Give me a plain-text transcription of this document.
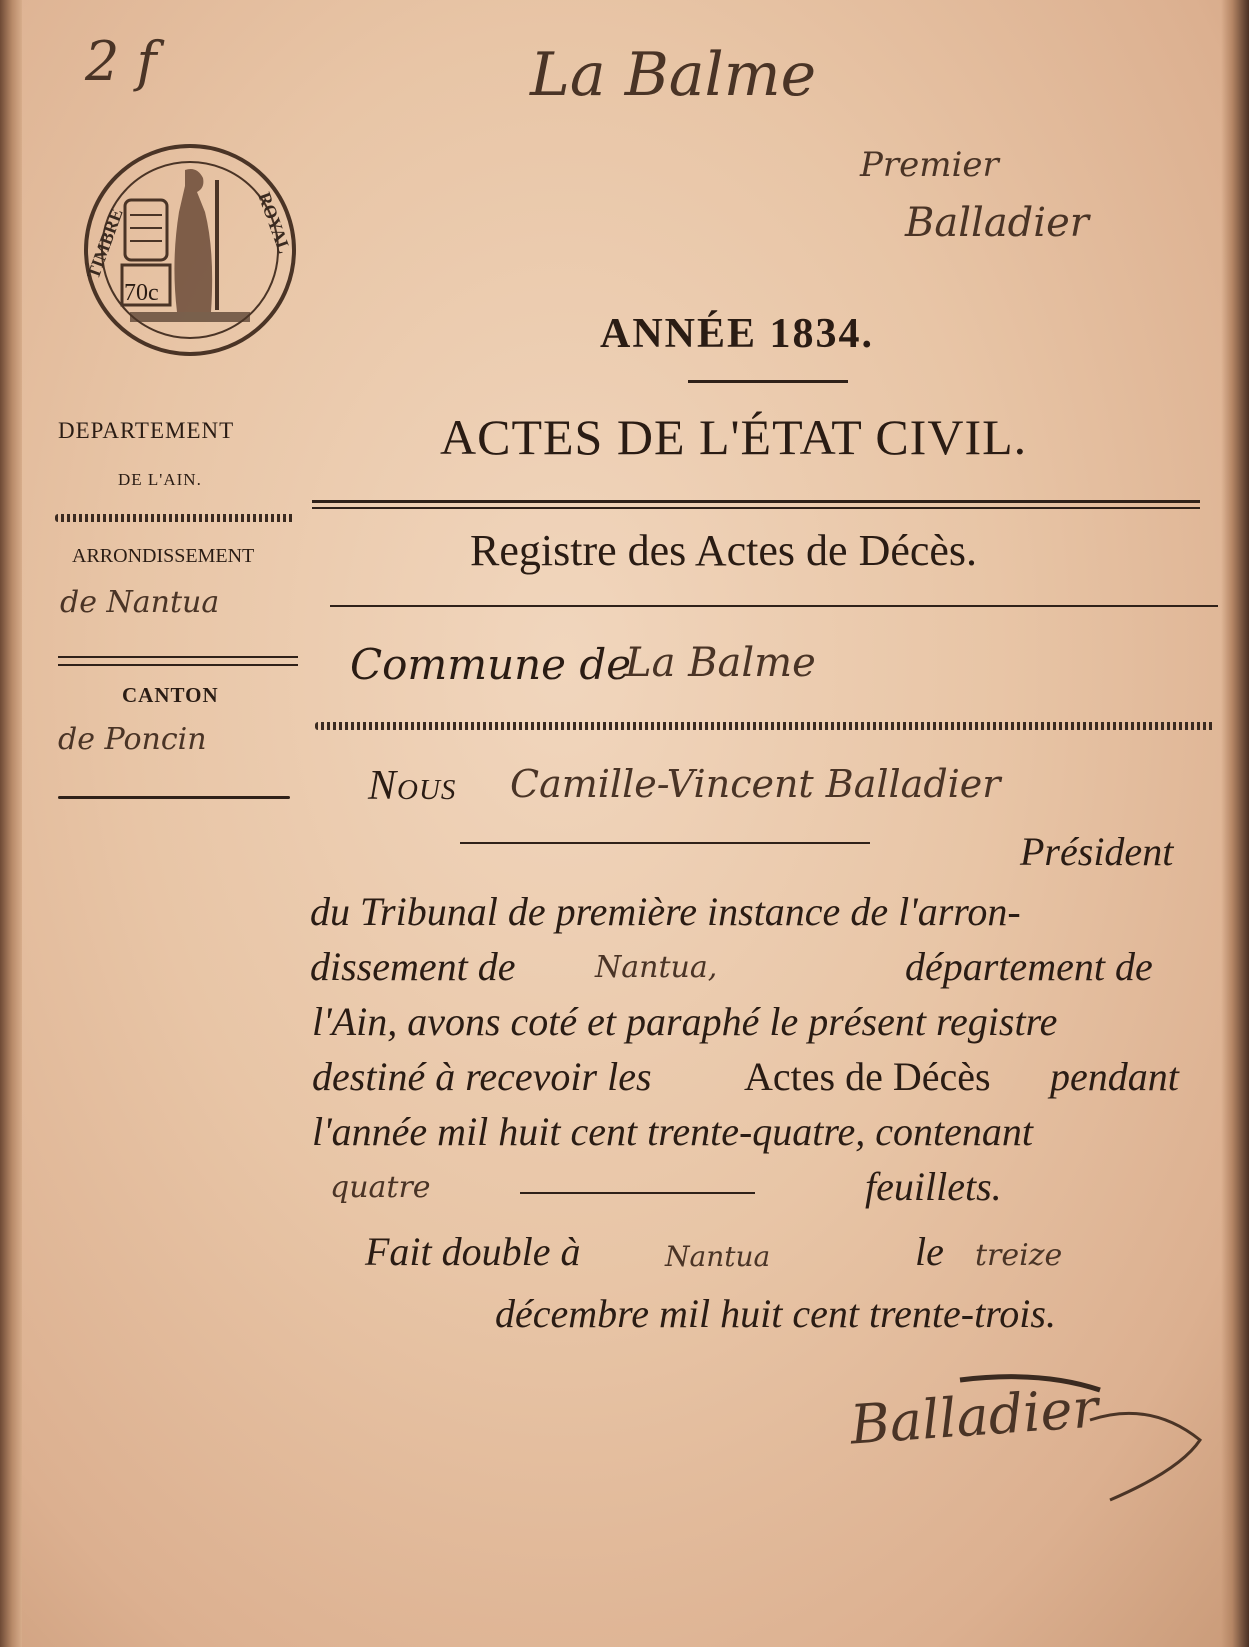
2 f	La Balme
Premier
Balladier
TIMBRE	ROYAL
70c
ANNÉE 1834.
ACTES DE L'ÉTAT CIVIL.
Registre des Actes de Décès.
DEPARTEMENT
DE L'AIN.
ARRONDISSEMENT
de Nantua
CANTON
de Poncin
Commune de
La Balme
Nous Camille-Vincent Balladier
Président
du Tribunal de première instance de l'arron-
dissement de	Nantua,	département de
l'Ain, avons coté et paraphé le présent registre
destiné à recevoir les Actes de Décès pendant
l'année mil huit cent trente-quatre, contenant
quatre	feuillets.
Fait double à	Nantua	le treize
décembre mil huit cent trente-trois.
Balladier
